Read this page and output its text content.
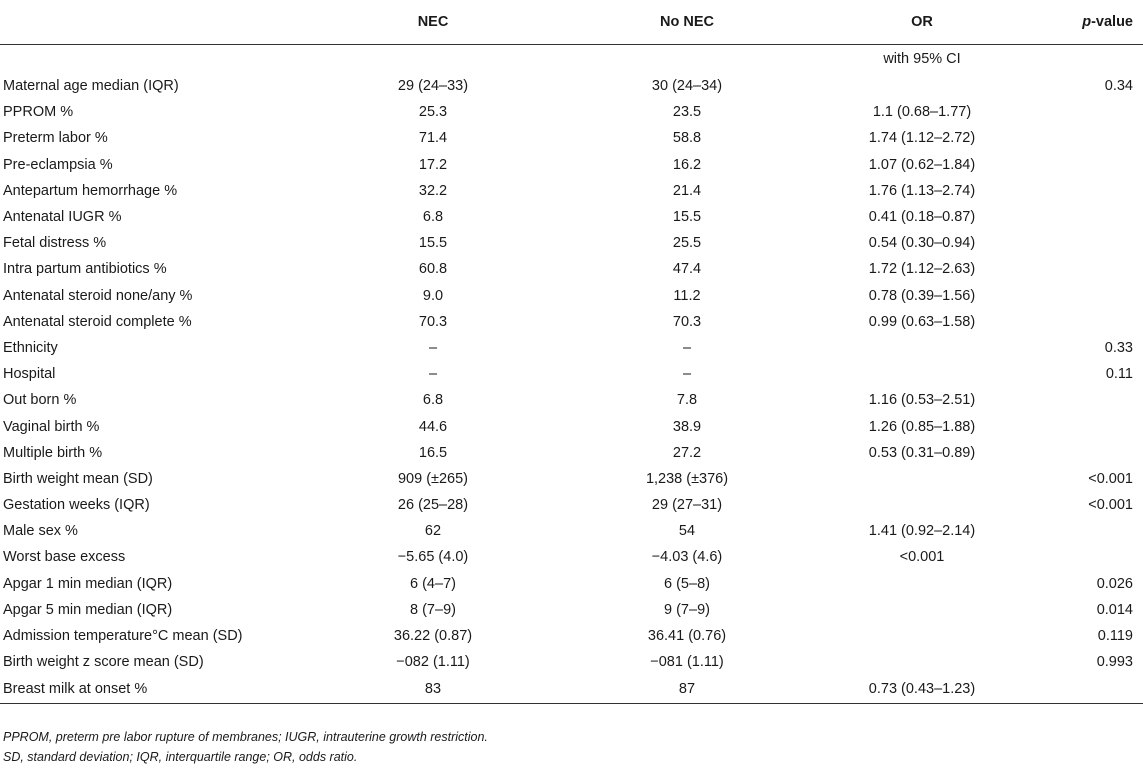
	NEC	No NEC	OR	p-value
			with 95% CI	
Maternal age median (IQR)	29 (24–33)	30 (24–34)		0.34
PPROM %	25.3	23.5	1.1 (0.68–1.77)	
Preterm labor %	71.4	58.8	1.74 (1.12–2.72)	
Pre-eclampsia %	17.2	16.2	1.07 (0.62–1.84)	
Antepartum hemorrhage %	32.2	21.4	1.76 (1.13–2.74)	
Antenatal IUGR %	6.8	15.5	0.41 (0.18–0.87)	
Fetal distress %	15.5	25.5	0.54 (0.30–0.94)	
Intra partum antibiotics %	60.8	47.4	1.72 (1.12–2.63)	
Antenatal steroid none/any %	9.0	11.2	0.78 (0.39–1.56)	
Antenatal steroid complete %	70.3	70.3	0.99 (0.63–1.58)	
Ethnicity	–	–		0.33
Hospital	–	–		0.11
Out born %	6.8	7.8	1.16 (0.53–2.51)	
Vaginal birth %	44.6	38.9	1.26 (0.85–1.88)	
Multiple birth %	16.5	27.2	0.53 (0.31–0.89)	
Birth weight mean (SD)	909 (±265)	1,238 (±376)		<0.001
Gestation weeks (IQR)	26 (25–28)	29 (27–31)		<0.001
Male sex %	62	54	1.41 (0.92–2.14)	
Worst base excess	−5.65 (4.0)	−4.03 (4.6)	<0.001	
Apgar 1 min median (IQR)	6 (4–7)	6 (5–8)		0.026
Apgar 5 min median (IQR)	8 (7–9)	9 (7–9)		0.014
Admission temperature°C mean (SD)	36.22 (0.87)	36.41 (0.76)		0.119
Birth weight z score mean (SD)	−082 (1.11)	−081 (1.11)		0.993
Breast milk at onset %	83	87	0.73 (0.43–1.23)	
PPROM, preterm pre labor rupture of membranes; IUGR, intrauterine growth restriction.
SD, standard deviation; IQR, interquartile range; OR, odds ratio.
